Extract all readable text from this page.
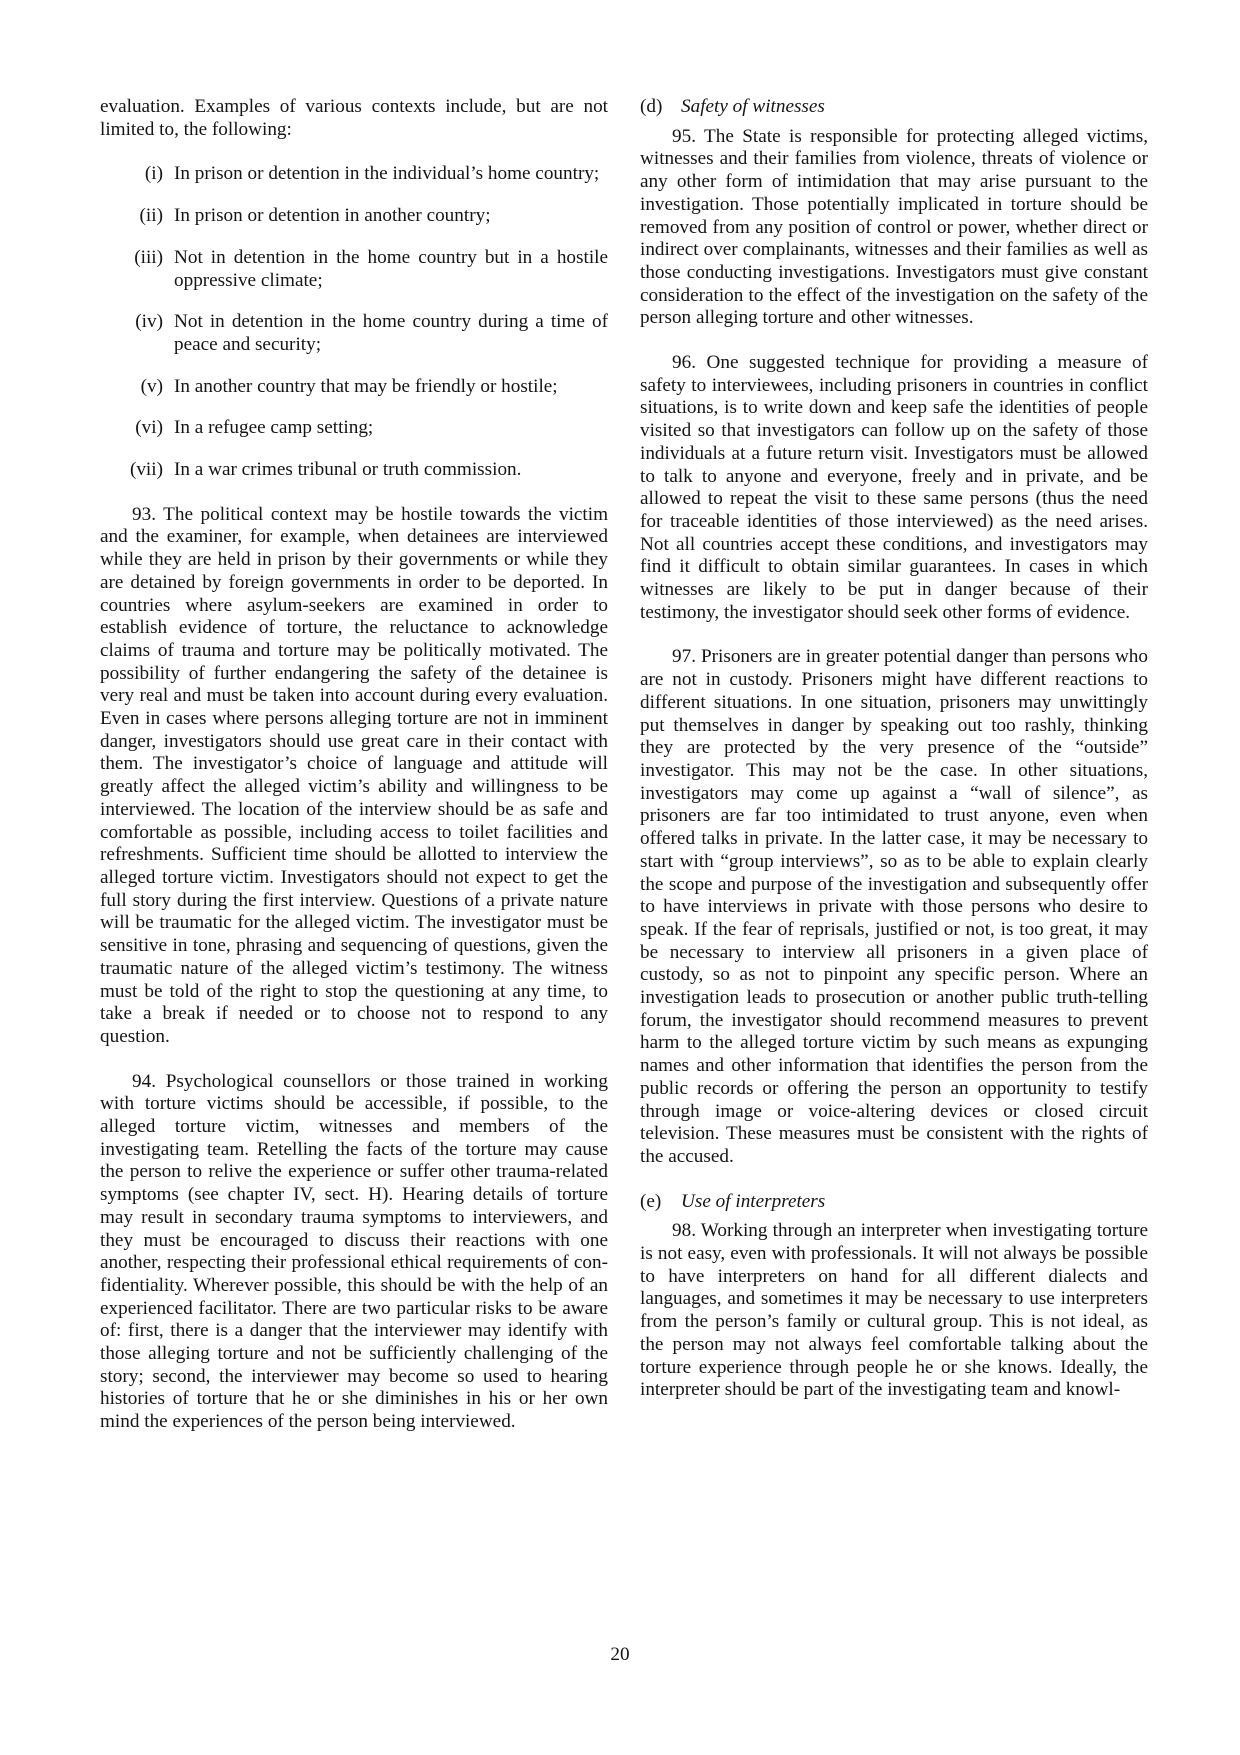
evaluation. Examples of various contexts include, but are not limited to, the following:

(i) In prison or detention in the individual’s home country;
(ii) In prison or detention in another country;
(iii) Not in detention in the home country but in a hostile oppressive climate;
(iv) Not in detention in the home country during a time of peace and security;
(v) In another country that may be friendly or hostile;
(vi) In a refugee camp setting;
(vii) In a war crimes tribunal or truth commission.

93. The political context may be hostile towards the victim and the examiner, for example, when detainees are interviewed while they are held in prison by their governments or while they are detained by foreign governments in order to be deported. In countries where asylum-seekers are examined in order to establish evidence of torture, the reluctance to acknowledge claims of trauma and torture may be politically motivated. The possibility of further endangering the safety of the detainee is very real and must be taken into account during every evaluation. Even in cases where persons alleging torture are not in imminent danger, investigators should use great care in their contact with them. The investigator’s choice of language and attitude will greatly affect the alleged victim’s ability and willingness to be interviewed. The location of the interview should be as safe and comfortable as possible, including access to toilet facilities and refreshments. Sufficient time should be allotted to interview the alleged torture victim. Investigators should not expect to get the full story during the first interview. Questions of a private nature will be traumatic for the alleged victim. The investigator must be sensitive in tone, phrasing and sequencing of questions, given the traumatic nature of the alleged victim’s testimony. The witness must be told of the right to stop the questioning at any time, to take a break if needed or to choose not to respond to any question.

94. Psychological counsellors or those trained in working with torture victims should be accessible, if possible, to the alleged torture victim, witnesses and members of the investigating team. Retelling the facts of the torture may cause the person to relive the experience or suffer other trauma-related symptoms (see chapter IV, sect. H). Hearing details of torture may result in secondary trauma symptoms to interviewers, and they must be encouraged to discuss their reactions with one another, respecting their professional ethical requirements of confidentiality. Wherever possible, this should be with the help of an experienced facilitator. There are two particular risks to be aware of: first, there is a danger that the interviewer may identify with those alleging torture and not be sufficiently challenging of the story; second, the interviewer may become so used to hearing histories of torture that he or she diminishes in his or her own mind the experiences of the person being interviewed.

(d) Safety of witnesses

95. The State is responsible for protecting alleged victims, witnesses and their families from violence, threats of violence or any other form of intimidation that may arise pursuant to the investigation. Those potentially implicated in torture should be removed from any position of control or power, whether direct or indirect over complainants, witnesses and their families as well as those conducting investigations. Investigators must give constant consideration to the effect of the investigation on the safety of the person alleging torture and other witnesses.

96. One suggested technique for providing a measure of safety to interviewees, including prisoners in countries in conflict situations, is to write down and keep safe the identities of people visited so that investigators can follow up on the safety of those individuals at a future return visit. Investigators must be allowed to talk to anyone and everyone, freely and in private, and be allowed to repeat the visit to these same persons (thus the need for traceable identities of those interviewed) as the need arises. Not all countries accept these conditions, and investigators may find it difficult to obtain similar guarantees. In cases in which witnesses are likely to be put in danger because of their testimony, the investigator should seek other forms of evidence.

97. Prisoners are in greater potential danger than persons who are not in custody. Prisoners might have different reactions to different situations. In one situation, prisoners may unwittingly put themselves in danger by speaking out too rashly, thinking they are protected by the very presence of the “outside” investigator. This may not be the case. In other situations, investigators may come up against a “wall of silence”, as prisoners are far too intimidated to trust anyone, even when offered talks in private. In the latter case, it may be necessary to start with “group interviews”, so as to be able to explain clearly the scope and purpose of the investigation and subsequently offer to have interviews in private with those persons who desire to speak. If the fear of reprisals, justified or not, is too great, it may be necessary to interview all prisoners in a given place of custody, so as not to pinpoint any specific person. Where an investigation leads to prosecution or another public truth-telling forum, the investigator should recommend measures to prevent harm to the alleged torture victim by such means as expunging names and other information that identifies the person from the public records or offering the person an opportunity to testify through image or voice-altering devices or closed circuit television. These measures must be consistent with the rights of the accused.

(e) Use of interpreters

98. Working through an interpreter when investigating torture is not easy, even with professionals. It will not always be possible to have interpreters on hand for all different dialects and languages, and sometimes it may be necessary to use interpreters from the person’s family or cultural group. This is not ideal, as the person may not always feel comfortable talking about the torture experience through people he or she knows. Ideally, the interpreter should be part of the investigating team and knowl-

20
